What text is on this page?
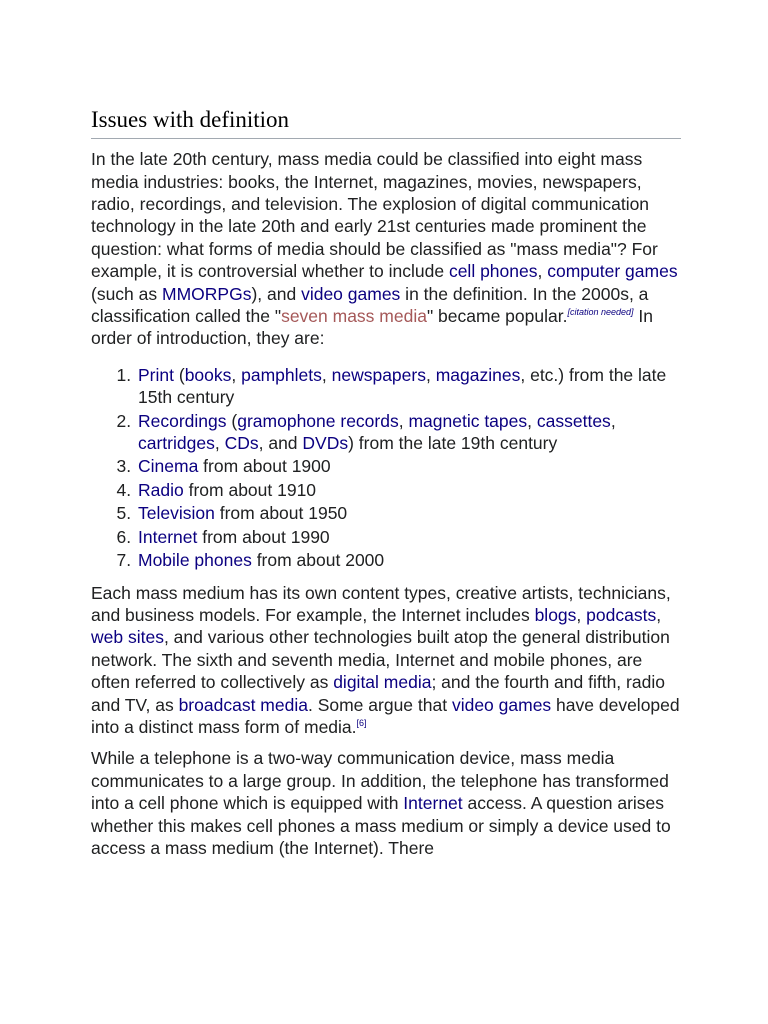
Issues with definition

In the late 20th century, mass media could be classified into eight mass media industries: books, the Internet, magazines, movies, newspapers, radio, recordings, and television. The explosion of digital communication technology in the late 20th and early 21st centuries made prominent the question: what forms of media should be classified as "mass media"? For example, it is controversial whether to include cell phones, computer games (such as MMORPGs), and video games in the definition. In the 2000s, a classification called the "seven mass media" became popular.[citation needed] In order of introduction, they are:

1. Print (books, pamphlets, newspapers, magazines, etc.) from the late 15th century
2. Recordings (gramophone records, magnetic tapes, cassettes, cartridges, CDs, and DVDs) from the late 19th century
3. Cinema from about 1900
4. Radio from about 1910
5. Television from about 1950
6. Internet from about 1990
7. Mobile phones from about 2000

Each mass medium has its own content types, creative artists, technicians, and business models. For example, the Internet includes blogs, podcasts, web sites, and various other technologies built atop the general distribution network. The sixth and seventh media, Internet and mobile phones, are often referred to collectively as digital media; and the fourth and fifth, radio and TV, as broadcast media. Some argue that video games have developed into a distinct mass form of media.[6]

While a telephone is a two-way communication device, mass media communicates to a large group. In addition, the telephone has transformed into a cell phone which is equipped with Internet access. A question arises whether this makes cell phones a mass medium or simply a device used to access a mass medium (the Internet). There
